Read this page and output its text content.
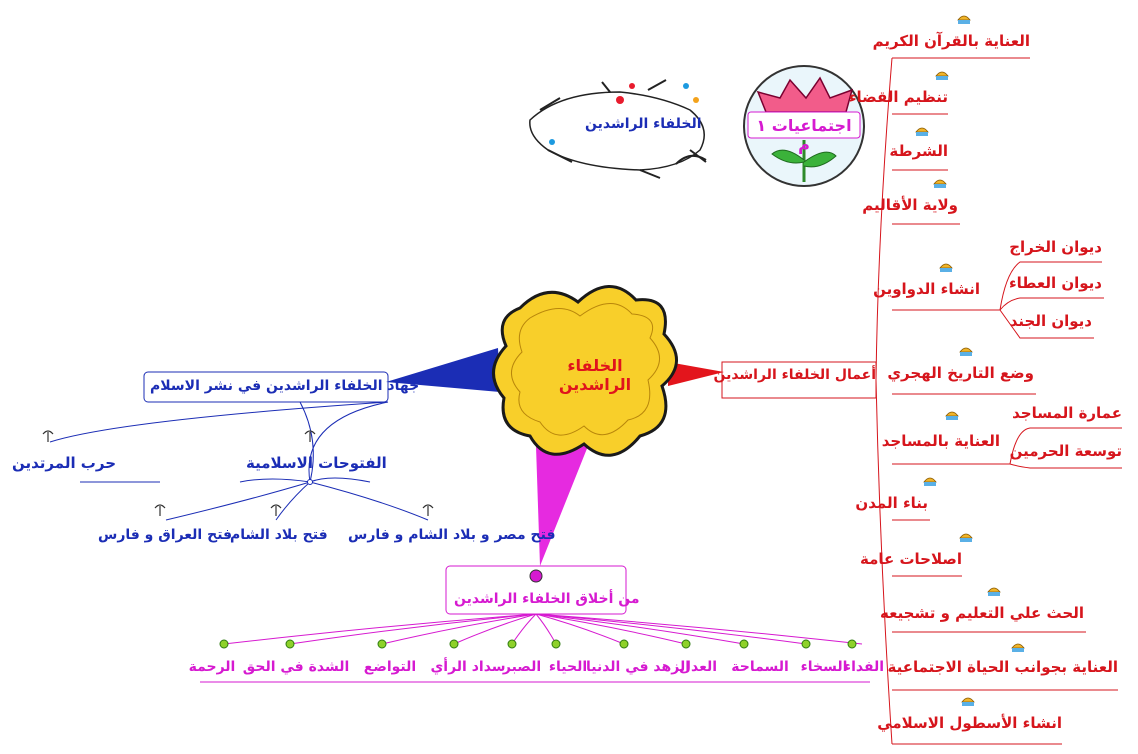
الخلفاء الراشدين	اجتماعيات ١ م
الخلفاء الراشدين	أعمال الخلفاء الراشدين
العناية بالقرآن الكريم
تنظيم القضاء
الشرطة
ولاية الأقاليم
انشاء الدواوين
وضع التاريخ الهجري
العناية بالمساجد
بناء المدن
اصلاحات عامة
الحث علي التعليم و تشجيعه
العناية بجوانب الحياة الاجتماعية
انشاء الأسطول الاسلامي
ديوان الخراج
ديوان العطاء
ديوان الجند
عمارة المساجد
توسعة الحرمين
جهاد الخلفاء الراشدين في نشر الاسلام
الفتوحات الاسلامية
حرب المرتدين
فتح مصر و بلاد الشام و فارس
فتح بلاد الشام
فتح العراق و فارس
من أخلاق الخلفاء الراشدين
الفداء
السخاء
السماحة
العدل
الزهد في الدنيا
الحياء
الصبر
سداد الرأي
التواضع
الشدة في الحق
الرحمة
